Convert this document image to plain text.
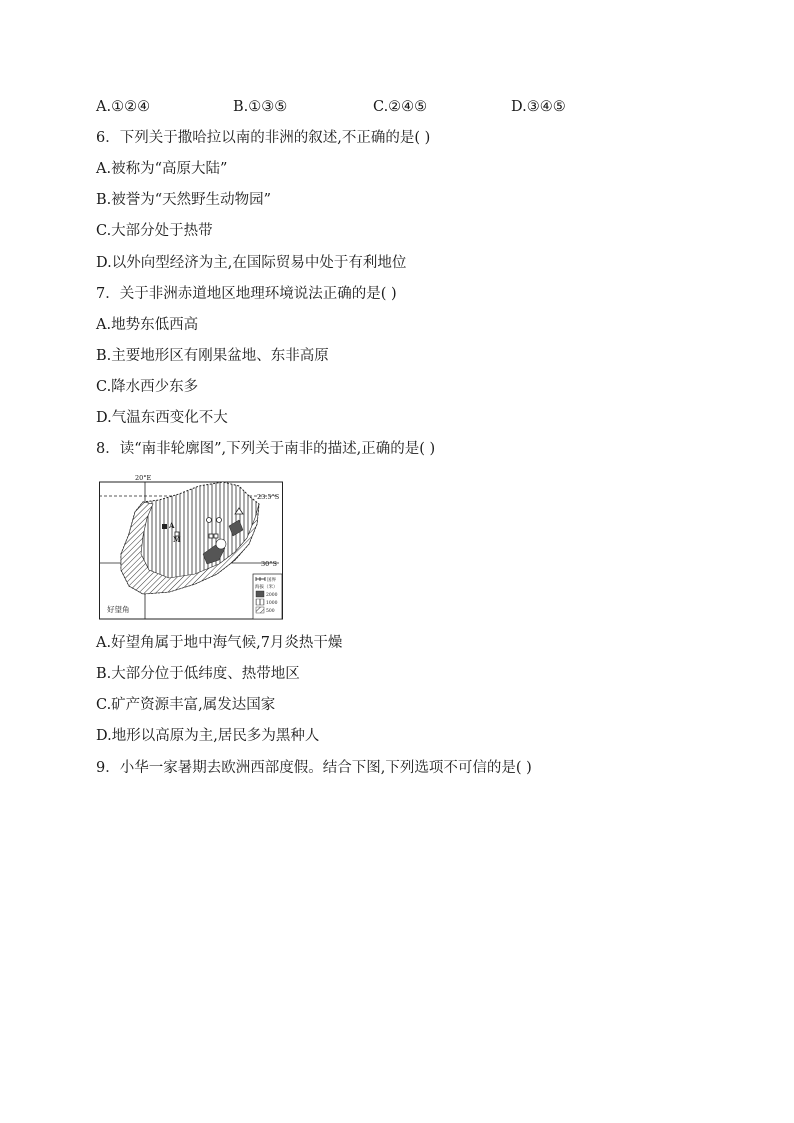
A.①②④	B.①③⑤	C.②④⑤	D.③④⑤
6．下列关于撒哈拉以南的非洲的叙述,不正确的是( )
A.被称为“高原大陆”
B.被誉为“天然野生动物园”
C.大部分处于热带
D.以外向型经济为主,在国际贸易中处于有利地位
7．关于非洲赤道地区地理环境说法正确的是( )
A.地势东低西高
B.主要地形区有刚果盆地、东非高原
C.降水西少东多
D.气温东西变化不大
8．读“南非轮廓图”,下列关于南非的描述,正确的是( )
A
M
20°E
23.5°S
30°S
好望角
国界
海拔（米）
2000
1000
500
A.好望角属于地中海气候,7月炎热干燥
B.大部分位于低纬度、热带地区
C.矿产资源丰富,属发达国家
D.地形以高原为主,居民多为黑种人
9．小华一家暑期去欧洲西部度假。结合下图,下列选项不可信的是( )
